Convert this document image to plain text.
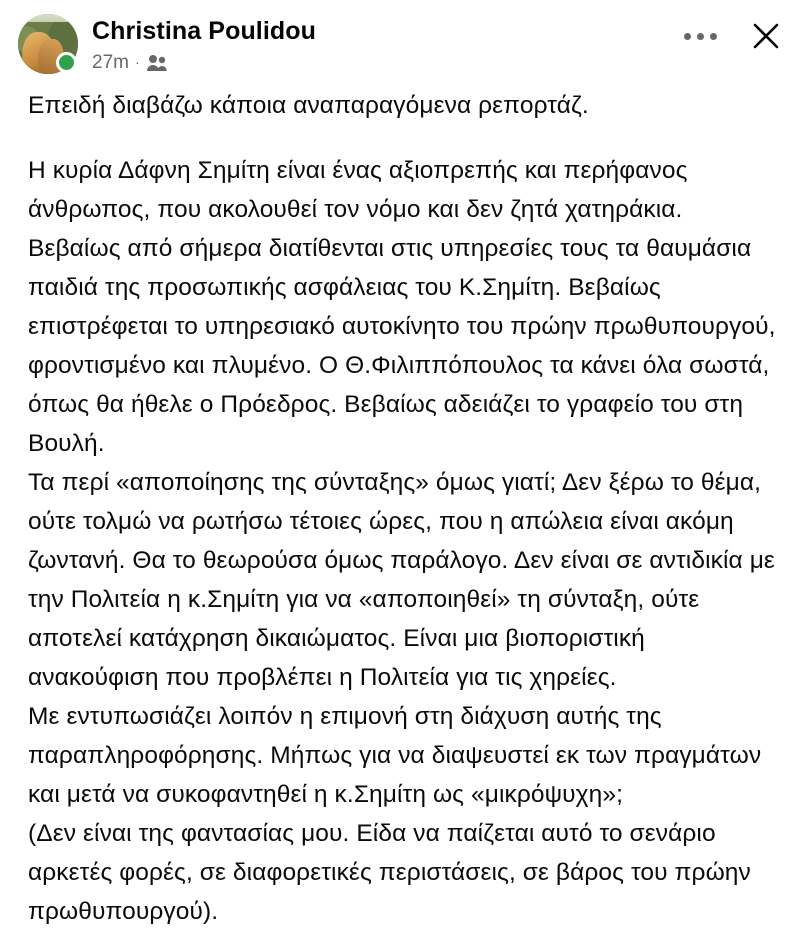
Christina Poulidou
27m ·

Επειδή διαβάζω κάποια αναπαραγόμενα ρεπορτάζ.

Η κυρία Δάφνη Σημίτη είναι ένας αξιοπρεπής και περήφανος άνθρωπος, που ακολουθεί τον νόμο και δεν ζητά χατηράκια. Βεβαίως από σήμερα διατίθενται στις υπηρεσίες τους τα θαυμάσια παιδιά της προσωπικής ασφάλειας του Κ.Σημίτη. Βεβαίως επιστρέφεται το υπηρεσιακό αυτοκίνητο του πρώην πρωθυπουργού, φροντισμένο και πλυμένο. Ο Θ.Φιλιππόπουλος τα κάνει όλα σωστά, όπως θα ήθελε ο Πρόεδρος. Βεβαίως αδειάζει το γραφείο του στη Βουλή.

Τα περί «αποποίησης της σύνταξης» όμως γιατί; Δεν ξέρω το θέμα, ούτε τολμώ να ρωτήσω τέτοιες ώρες, που η απώλεια είναι ακόμη ζωντανή. Θα το θεωρούσα όμως παράλογο. Δεν είναι σε αντιδικία με την Πολιτεία η κ.Σημίτη για να «αποποιηθεί» τη σύνταξη, ούτε αποτελεί κατάχρηση δικαιώματος. Είναι μια βιοποριστική ανακούφιση που προβλέπει η Πολιτεία για τις χηρείες.

Με εντυπωσιάζει λοιπόν η επιμονή στη διάχυση αυτής της παραπληροφόρησης. Μήπως για να διαψευστεί εκ των πραγμάτων και μετά να συκοφαντηθεί η κ.Σημίτη ως «μικρόψυχη»;

(Δεν είναι της φαντασίας μου. Είδα να παίζεται αυτό το σενάριο αρκετές φορές, σε διαφορετικές περιστάσεις, σε βάρος του πρώην πρωθυπουργού).
